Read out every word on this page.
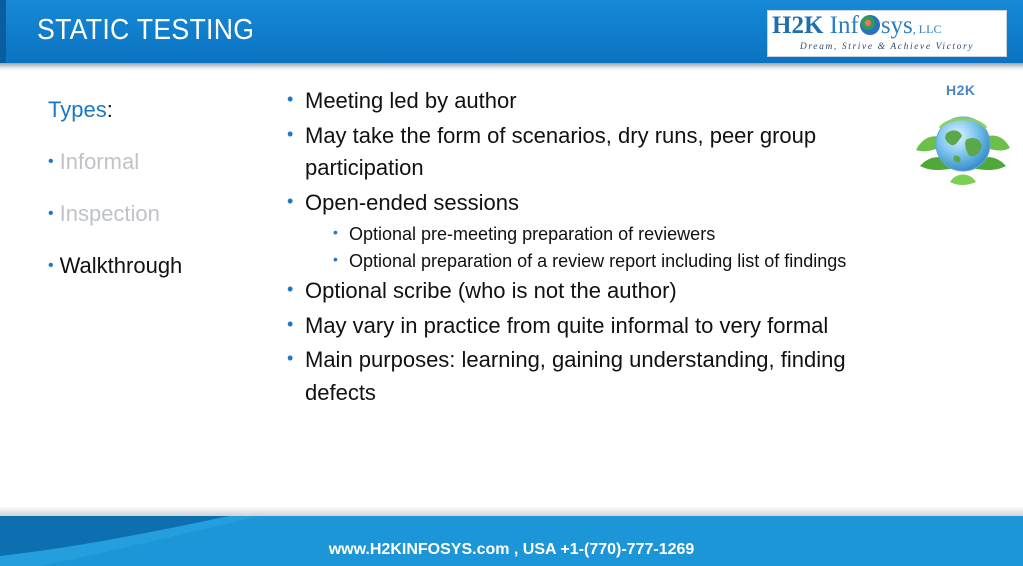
STATIC TESTING	H2K Inf sys, LLC
Dream, Strive & Achieve Victory
Types:
• Informal
• Inspection
• Walkthrough
• Meeting led by author
• May take the form of scenarios, dry runs, peer group participation
• Open-ended sessions
• Optional pre-meeting preparation of reviewers
• Optional preparation of a review report including list of findings
• Optional scribe (who is not the author)
• May vary in practice from quite informal to very formal
• Main purposes: learning, gaining understanding, finding defects
H2K
www.H2KINFOSYS.com , USA +1-(770)-777-1269
